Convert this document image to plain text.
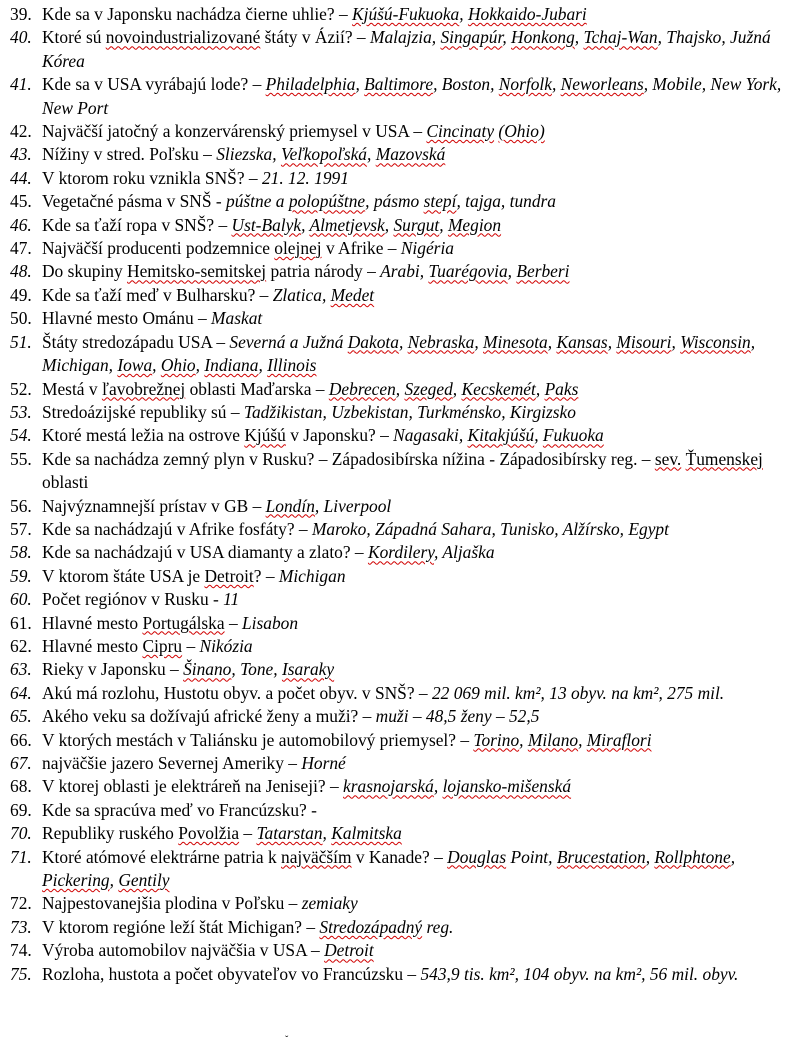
39. Kde sa v Japonsku nachádza čierne uhlie? – Kjúšú-Fukuoka, Hokkaido-Jubari
40. Ktoré sú novoindustrializované štáty v Ázií? – Malajzia, Singapúr, Honkong, Tchaj-Wan, Thajsko, Južná Kórea
41. Kde sa v USA vyrábajú lode? – Philadelphia, Baltimore, Boston, Norfolk, Neworleans, Mobile, New York, New Port
42. Najväčší jatočný a konzervárenský priemysel v USA – Cincinaty (Ohio)
43. Nížiny v stred. Poľsku – Sliezska, Veľkopoľská, Mazovská
44. V ktorom roku vznikla SNŠ? – 21. 12. 1991
45. Vegetačné pásma v SNŠ - púštne a polopúštne, pásmo stepí, tajga, tundra
46. Kde sa ťaží ropa v SNŠ? – Ust-Balyk, Almetjevsk, Surgut, Megion
47. Najväčší producenti podzemnice olejnej v Afrike – Nigéria
48. Do skupiny Hemitsko-semitskej patria národy – Arabi, Tuarégovia, Berberi
49. Kde sa ťaží meď v Bulharsku? – Zlatica, Medet
50. Hlavné mesto Ománu – Maskat
51. Štáty stredozápadu USA – Severná a Južná Dakota, Nebraska, Minesota, Kansas, Misouri, Wisconsin, Michigan, Iowa, Ohio, Indiana, Illinois
52. Mestá v ľavobrežnej oblasti Maďarska – Debrecen, Szeged, Kecskemét, Paks
53. Stredoázijské republiky sú – Tadžikistan, Uzbekistan, Turkménsko, Kirgizsko
54. Ktoré mestá ležia na ostrove Kjúšú v Japonsku? – Nagasaki, Kitakjúšú, Fukuoka
55. Kde sa nachádza zemný plyn v Rusku? – Západosibírska nížina - Západosibírsky reg. – sev. Ťumenskej oblasti
56. Najvýznamnejší prístav v GB – Londín, Liverpool
57. Kde sa nachádzajú v Afrike fosfáty? – Maroko, Západná Sahara, Tunisko, Alžírsko, Egypt
58. Kde sa nachádzajú v USA diamanty a zlato? – Kordilery, Aljaška
59. V ktorom štáte USA je Detroit? – Michigan
60. Počet regiónov v Rusku - 11
61. Hlavné mesto Portugálska – Lisabon
62. Hlavné mesto Cipru – Nikózia
63. Rieky v Japonsku – Šinano, Tone, Isaraky
64. Akú má rozlohu, Hustotu obyv. a počet obyv. v SNŠ? – 22 069 mil. km², 13 obyv. na km², 275 mil.
65. Akého veku sa dožívajú africké ženy a muži? – muži – 48,5 ženy – 52,5
66. V ktorých mestách v Taliánsku je automobilový priemysel? – Torino, Milano, Miraflori
67. najväčšie jazero Severnej Ameriky – Horné
68. V ktorej oblasti je elektráreň na Jeniseji? – krasnojarská, lojansko-mišenská
69. Kde sa spracúva meď vo Francúzsku? -
70. Republiky ruského Povolžia – Tatarstan, Kalmitska
71. Ktoré atómové elektrárne patria k najväčším v Kanade? – Douglas Point, Brucestation, Rollphtone, Pickering, Gentily
72. Najpestovanejšia plodina v Poľsku – zemiaky
73. V ktorom regióne leží štát Michigan? – Stredozápadný reg.
74. Výroba automobilov najväčšia v USA – Detroit
75. Rozloha, hustota a počet obyvateľov vo Francúzsku – 543,9 tis. km², 104 obyv. na km², 56 mil. obyv.
ˇ
